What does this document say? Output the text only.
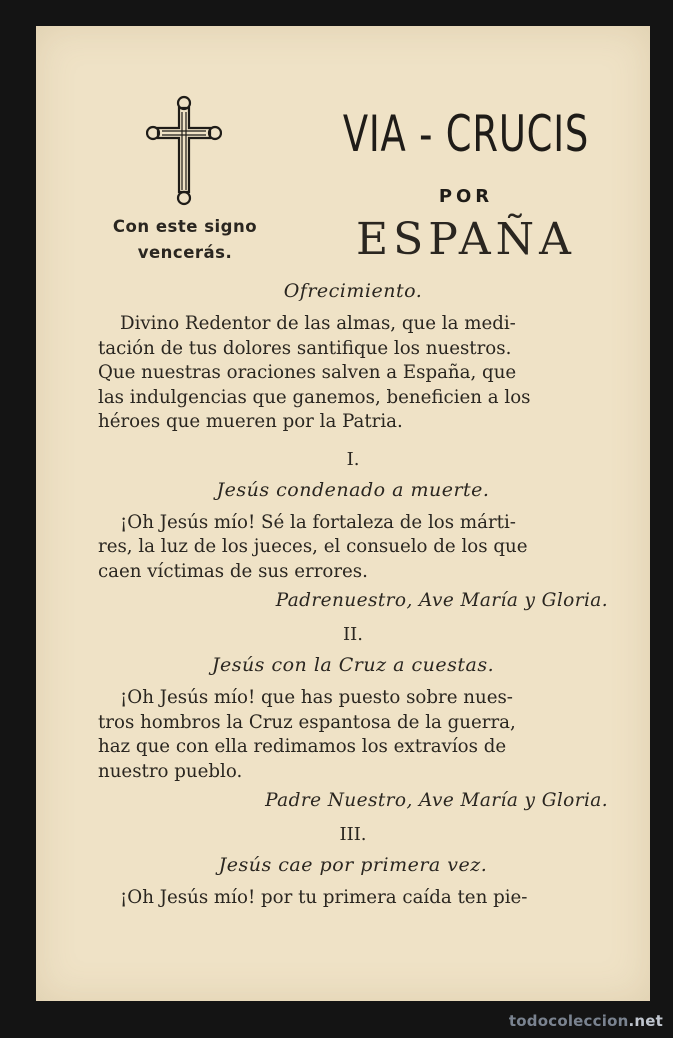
Con este signo
vencerás.
VIA - CRUCIS
POR
ESPAÑA
Ofrecimiento.

Divino Redentor de las almas, que la medi-
tación de tus dolores santifique los nuestros.
Que nuestras oraciones salven a España, que
las indulgencias que ganemos, beneficien a los
héroes que mueren por la Patria.

I.
Jesús condenado a muerte.

¡Oh Jesús mío! Sé la fortaleza de los márti-
res, la luz de los jueces, el consuelo de los que
caen víctimas de sus errores.

Padrenuestro, Ave María y Gloria.
II.
Jesús con la Cruz a cuestas.

¡Oh Jesús mío! que has puesto sobre nues-
tros hombros la Cruz espantosa de la guerra,
haz que con ella redimamos los extravíos de
nuestro pueblo.

Padre Nuestro, Ave María y Gloria.
III.
Jesús cae por primera vez.

¡Oh Jesús mío! por tu primera caída ten pie-

todocoleccion.net
